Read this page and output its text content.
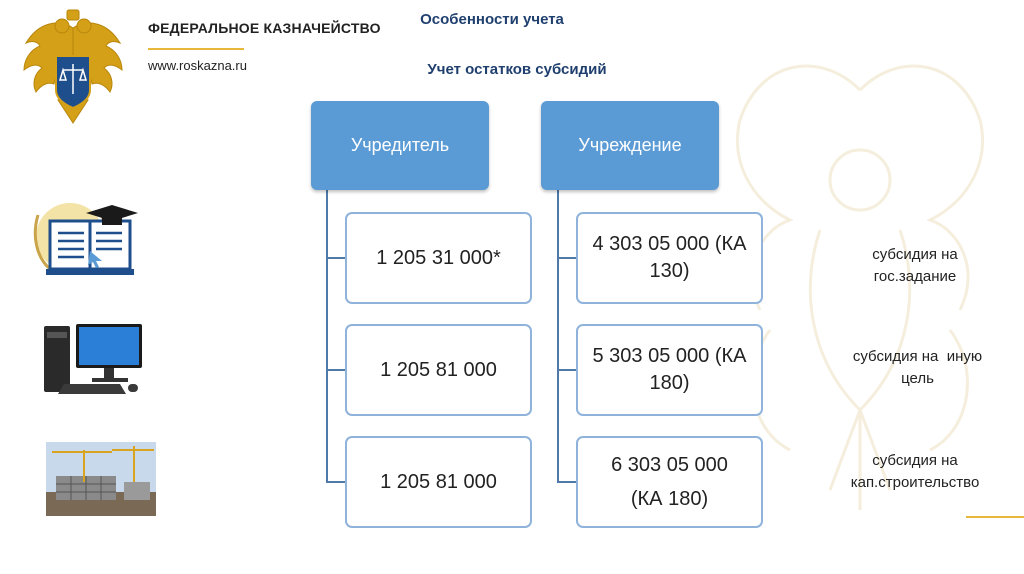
ФЕДЕРАЛЬНОЕ КАЗНАЧЕЙСТВО
www.roskazna.ru
Особенности учета
Учет остатков субсидий
Учредитель	Учреждение
1 205 31 000*
1 205 81 000
1 205 81 000
4 303 05 000 (КА
130)
5 303 05 000 (КА
180)
6 303 05 000
(КА 180)
субсидия на
гос.задание
субсидия на  иную
цель
субсидия на
кап.строительство
